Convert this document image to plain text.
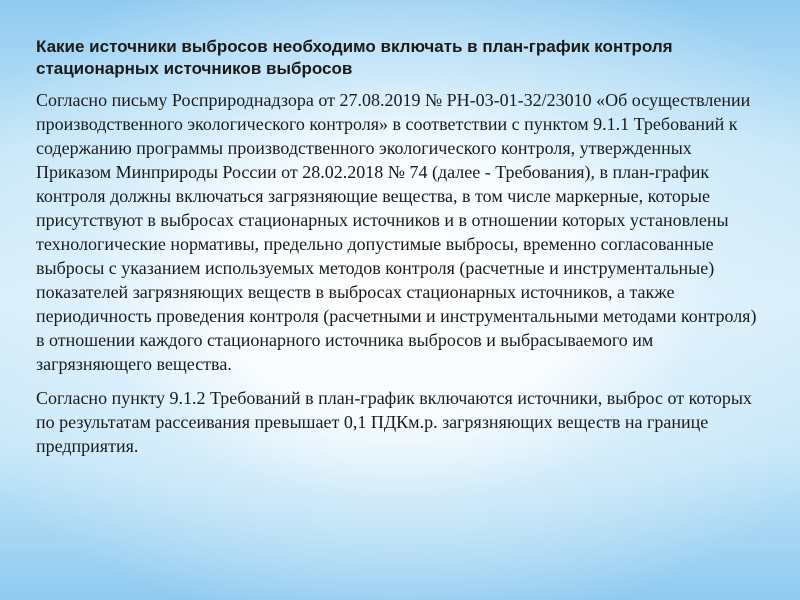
Какие источники выбросов необходимо включать в план-график контроля стационарных источников выбросов

Согласно письму Росприроднадзора от 27.08.2019 № РН-03-01-32/23010 «Об осуществлении производственного экологического контроля» в соответствии с пунктом 9.1.1 Требований к содержанию программы производственного экологического контроля, утвержденных Приказом Минприроды России от 28.02.2018 № 74 (далее - Требования), в план-график контроля должны включаться загрязняющие вещества, в том числе маркерные, которые присутствуют в выбросах стационарных источников и в отношении которых установлены технологические нормативы, предельно допустимые выбросы, временно согласованные выбросы с указанием используемых методов контроля (расчетные и инструментальные) показателей загрязняющих веществ в выбросах стационарных источников, а также периодичность проведения контроля (расчетными и инструментальными методами контроля) в отношении каждого стационарного источника выбросов и выбрасываемого им загрязняющего вещества.

Согласно пункту 9.1.2 Требований в план-график включаются источники, выброс от которых по результатам рассеивания превышает 0,1 ПДКм.р. загрязняющих веществ на границе предприятия.
